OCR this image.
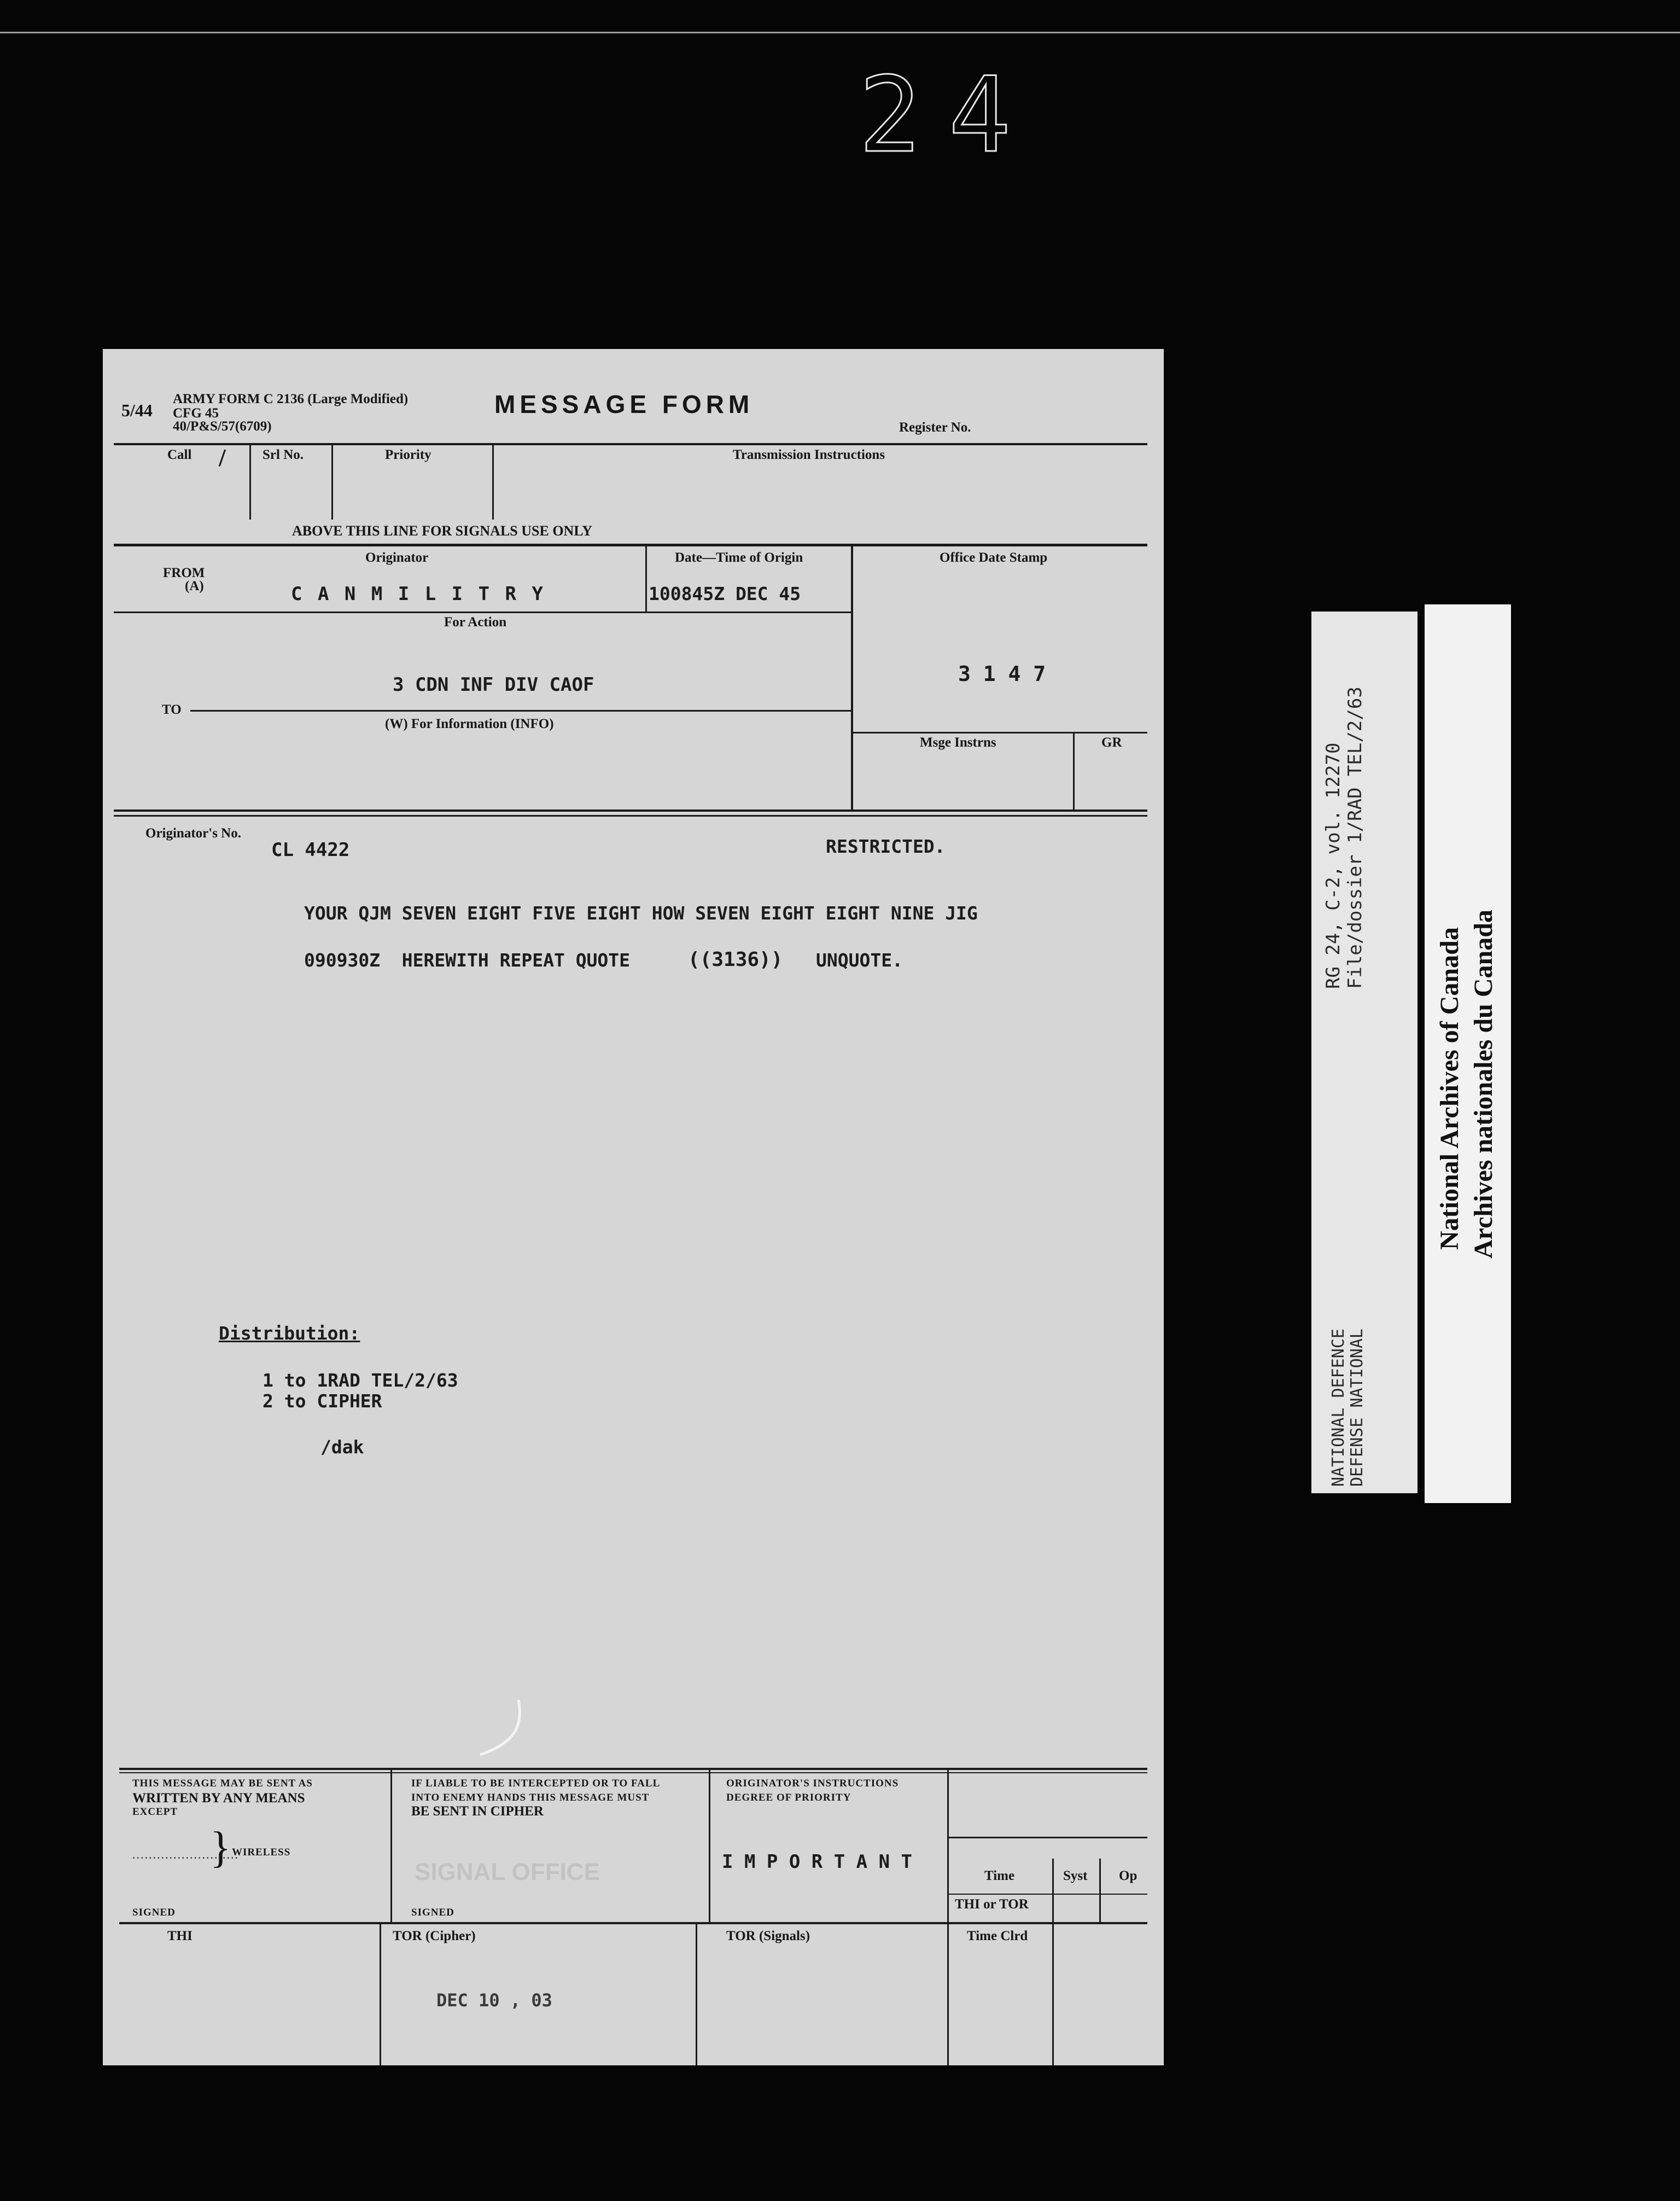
24
5/44
ARMY FORM C 2136 (Large Modified)
CFG 45
40/P&S/57(6709)
MESSAGE FORM
Register No.
Call /	Srl No.	Priority	Transmission Instructions
ABOVE THIS LINE FOR SIGNALS USE ONLY
Originator	Date—Time of Origin	Office Date Stamp
FROM
(A)	C A N M I L I T R Y	100845Z DEC 45
For Action
3 CDN INF DIV CAOF	3 1 4 7
TO
(W) For Information (INFO)
Msge Instrns	GR
Originator's No.
CL 4422	RESTRICTED.
YOUR QJM SEVEN EIGHT FIVE EIGHT HOW SEVEN EIGHT EIGHT NINE JIG
090930Z  HEREWITH REPEAT QUOTE	((3136)) UNQUOTE.
Distribution:
1 to 1RAD TEL/2/63
2 to CIPHER
/dak
THIS MESSAGE MAY BE SENT AS
WRITTEN BY ANY MEANS
EXCEPT
..........................
} WIRELESS
SIGNED
IF LIABLE TO BE INTERCEPTED OR TO FALL
INTO ENEMY HANDS THIS MESSAGE MUST
BE SENT IN CIPHER
SIGNAL OFFICE
SIGNED
ORIGINATOR'S INSTRUCTIONS
DEGREE OF PRIORITY
I M P O R T A N T
Time	Syst Op
THI or TOR
THI	TOR (Cipher)
DEC 10 , 03
TOR (Signals)	Time Clrd
RG 24, C-2, vol. 12270 File/dossier 1/RAD TEL/2/63
NATIONAL DEFENCE DEFENSE NATIONAL
National Archives of Canada Archives nationales du Canada
